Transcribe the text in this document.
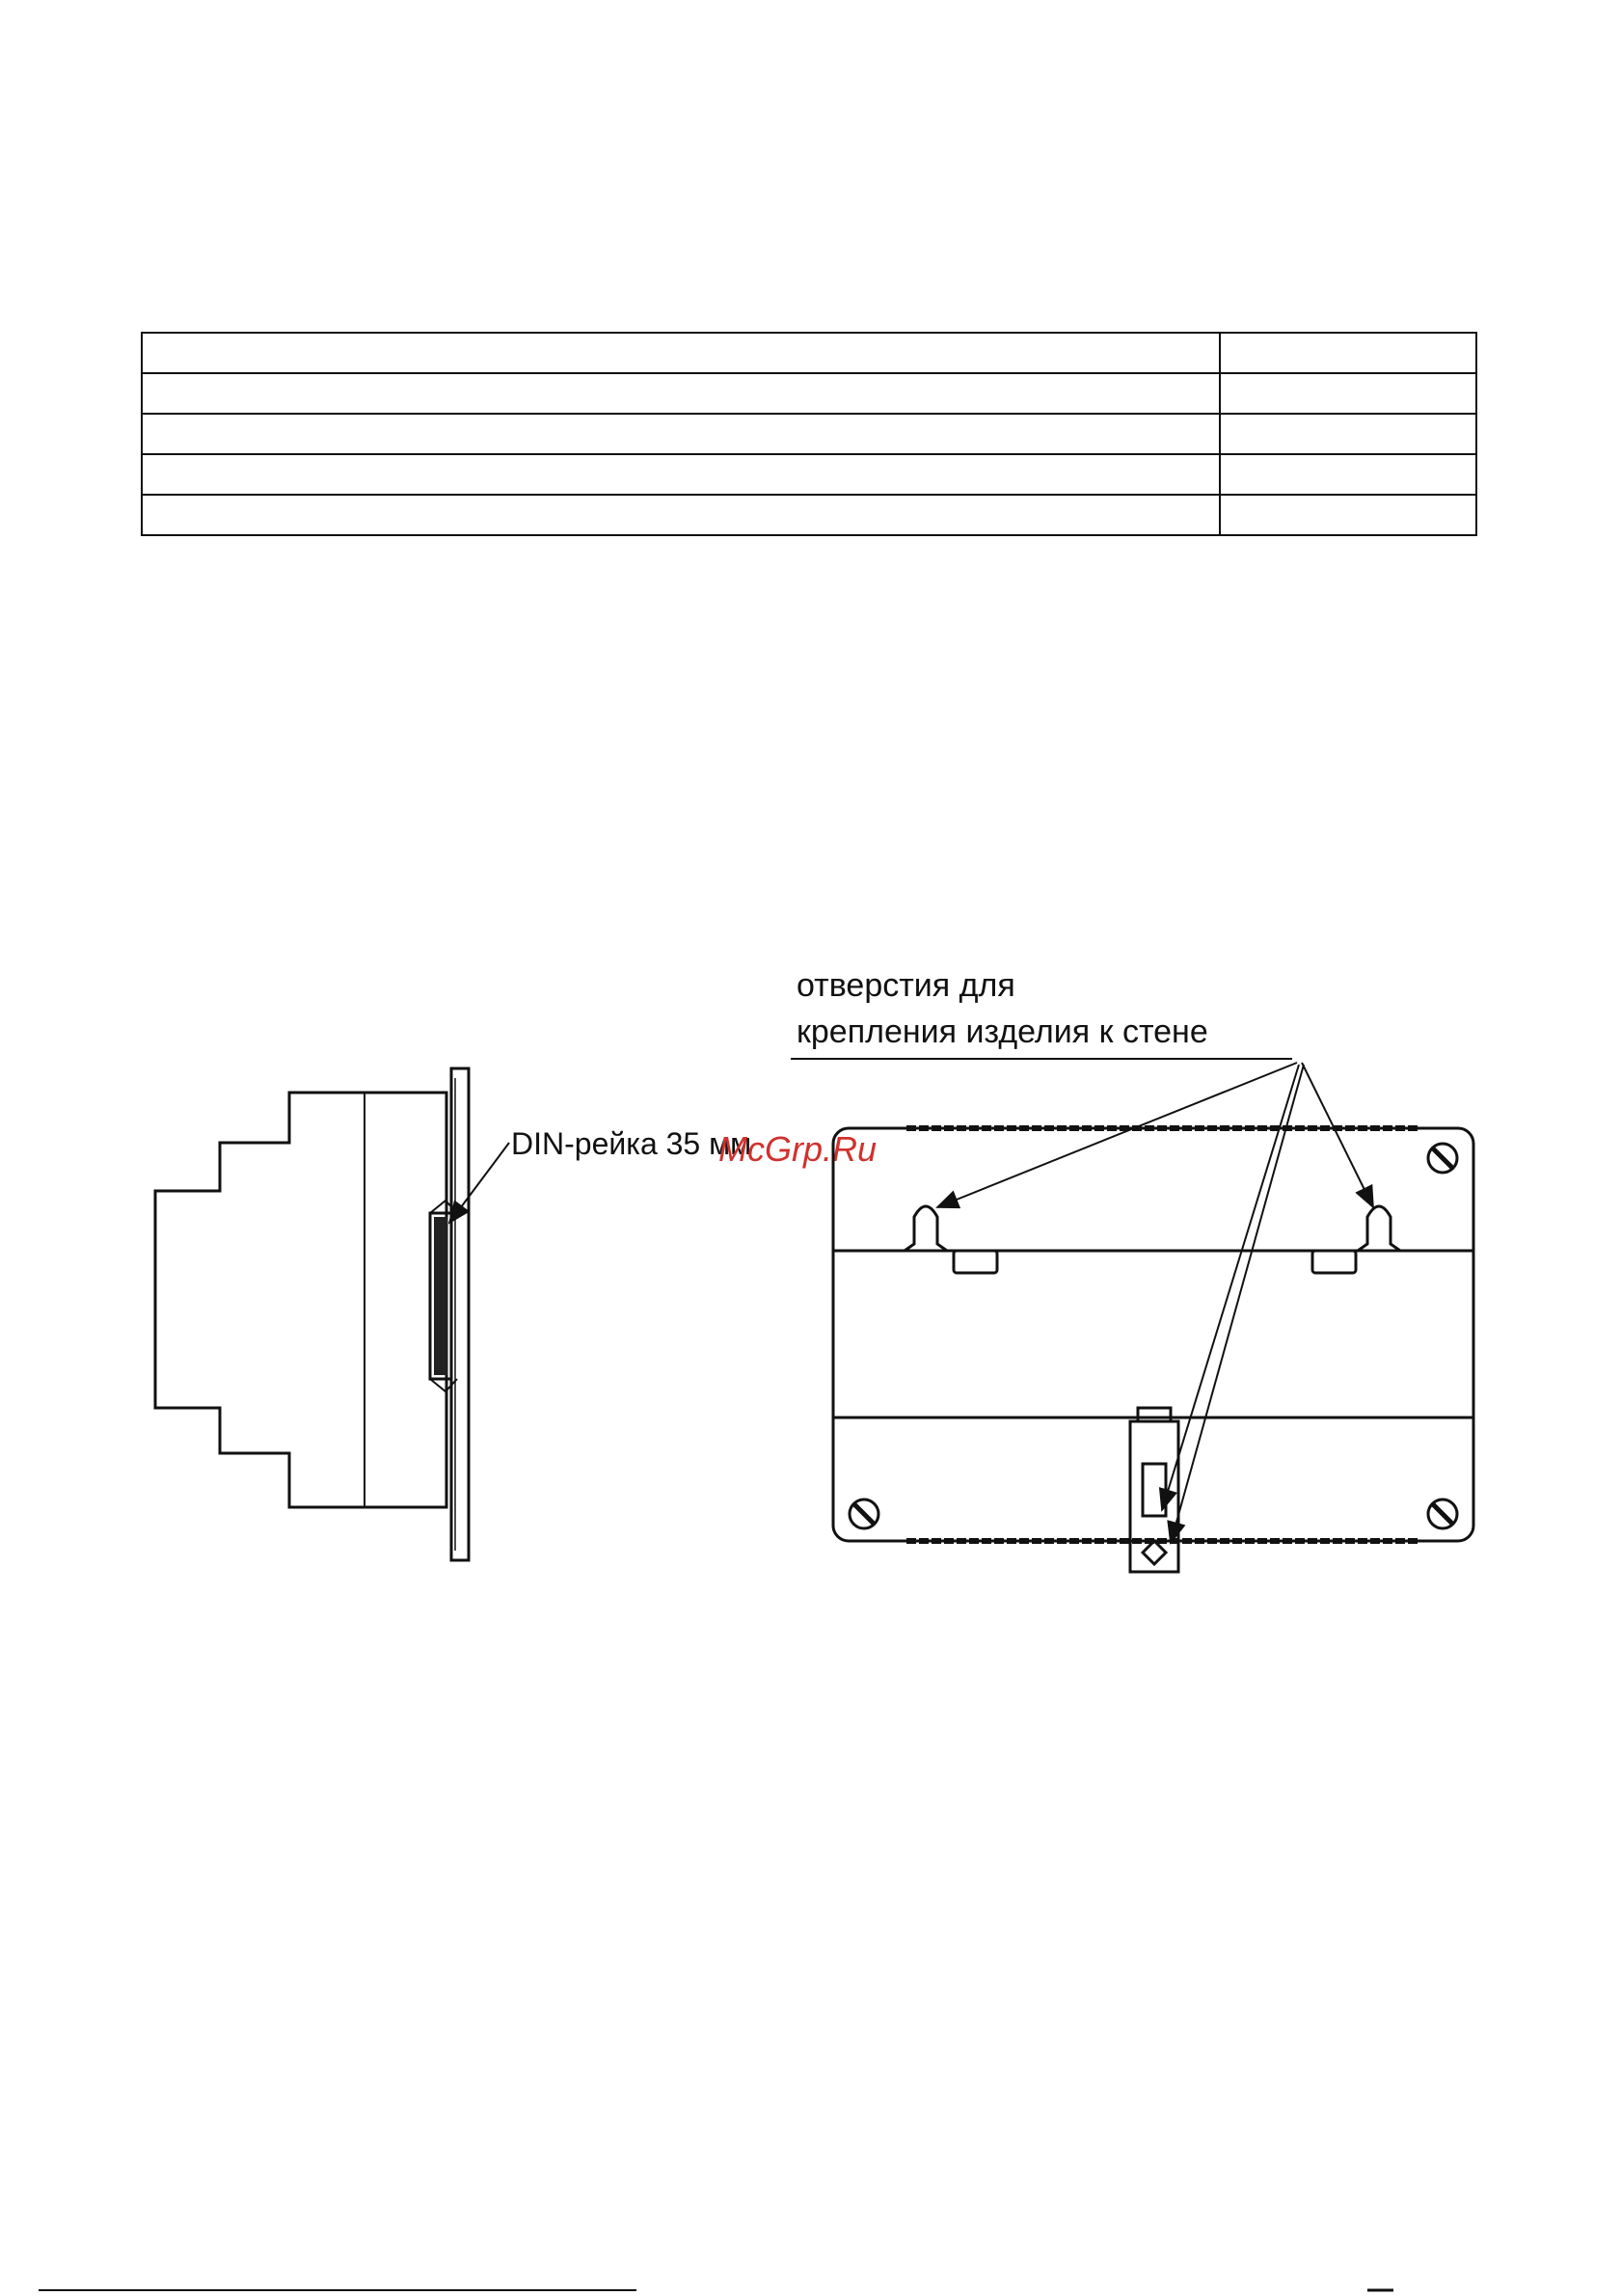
DIN-рейка 35 мм
McGrp.Ru
отверстия для
крепления изделия к стене
